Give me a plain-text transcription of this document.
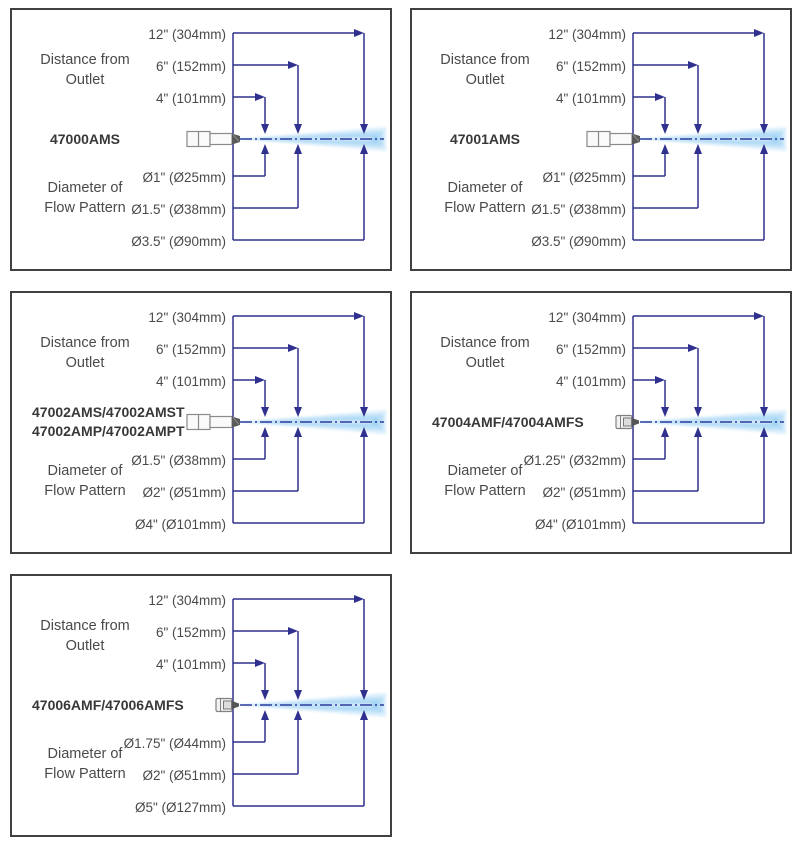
Distance from
Outlet
47000AMS
Diameter of
Flow Pattern
12" (304mm)
6" (152mm)
4" (101mm)
Ø1" (Ø25mm)
Ø1.5" (Ø38mm)
Ø3.5" (Ø90mm)
Distance from
Outlet
47001AMS
Diameter of
Flow Pattern
12" (304mm)
6" (152mm)
4" (101mm)
Ø1" (Ø25mm)
Ø1.5" (Ø38mm)
Ø3.5" (Ø90mm)
Distance from
Outlet
47002AMS/47002AMST
47002AMP/47002AMPT
Diameter of
Flow Pattern
12" (304mm)
6" (152mm)
4" (101mm)
Ø1.5" (Ø38mm)
Ø2" (Ø51mm)
Ø4" (Ø101mm)
Distance from
Outlet
47004AMF/47004AMFS
Diameter of
Flow Pattern
12" (304mm)
6" (152mm)
4" (101mm)
Ø1.25" (Ø32mm)
Ø2" (Ø51mm)
Ø4" (Ø101mm)
Distance from
Outlet
47006AMF/47006AMFS
Diameter of
Flow Pattern
12" (304mm)
6" (152mm)
4" (101mm)
Ø1.75" (Ø44mm)
Ø2" (Ø51mm)
Ø5" (Ø127mm)
